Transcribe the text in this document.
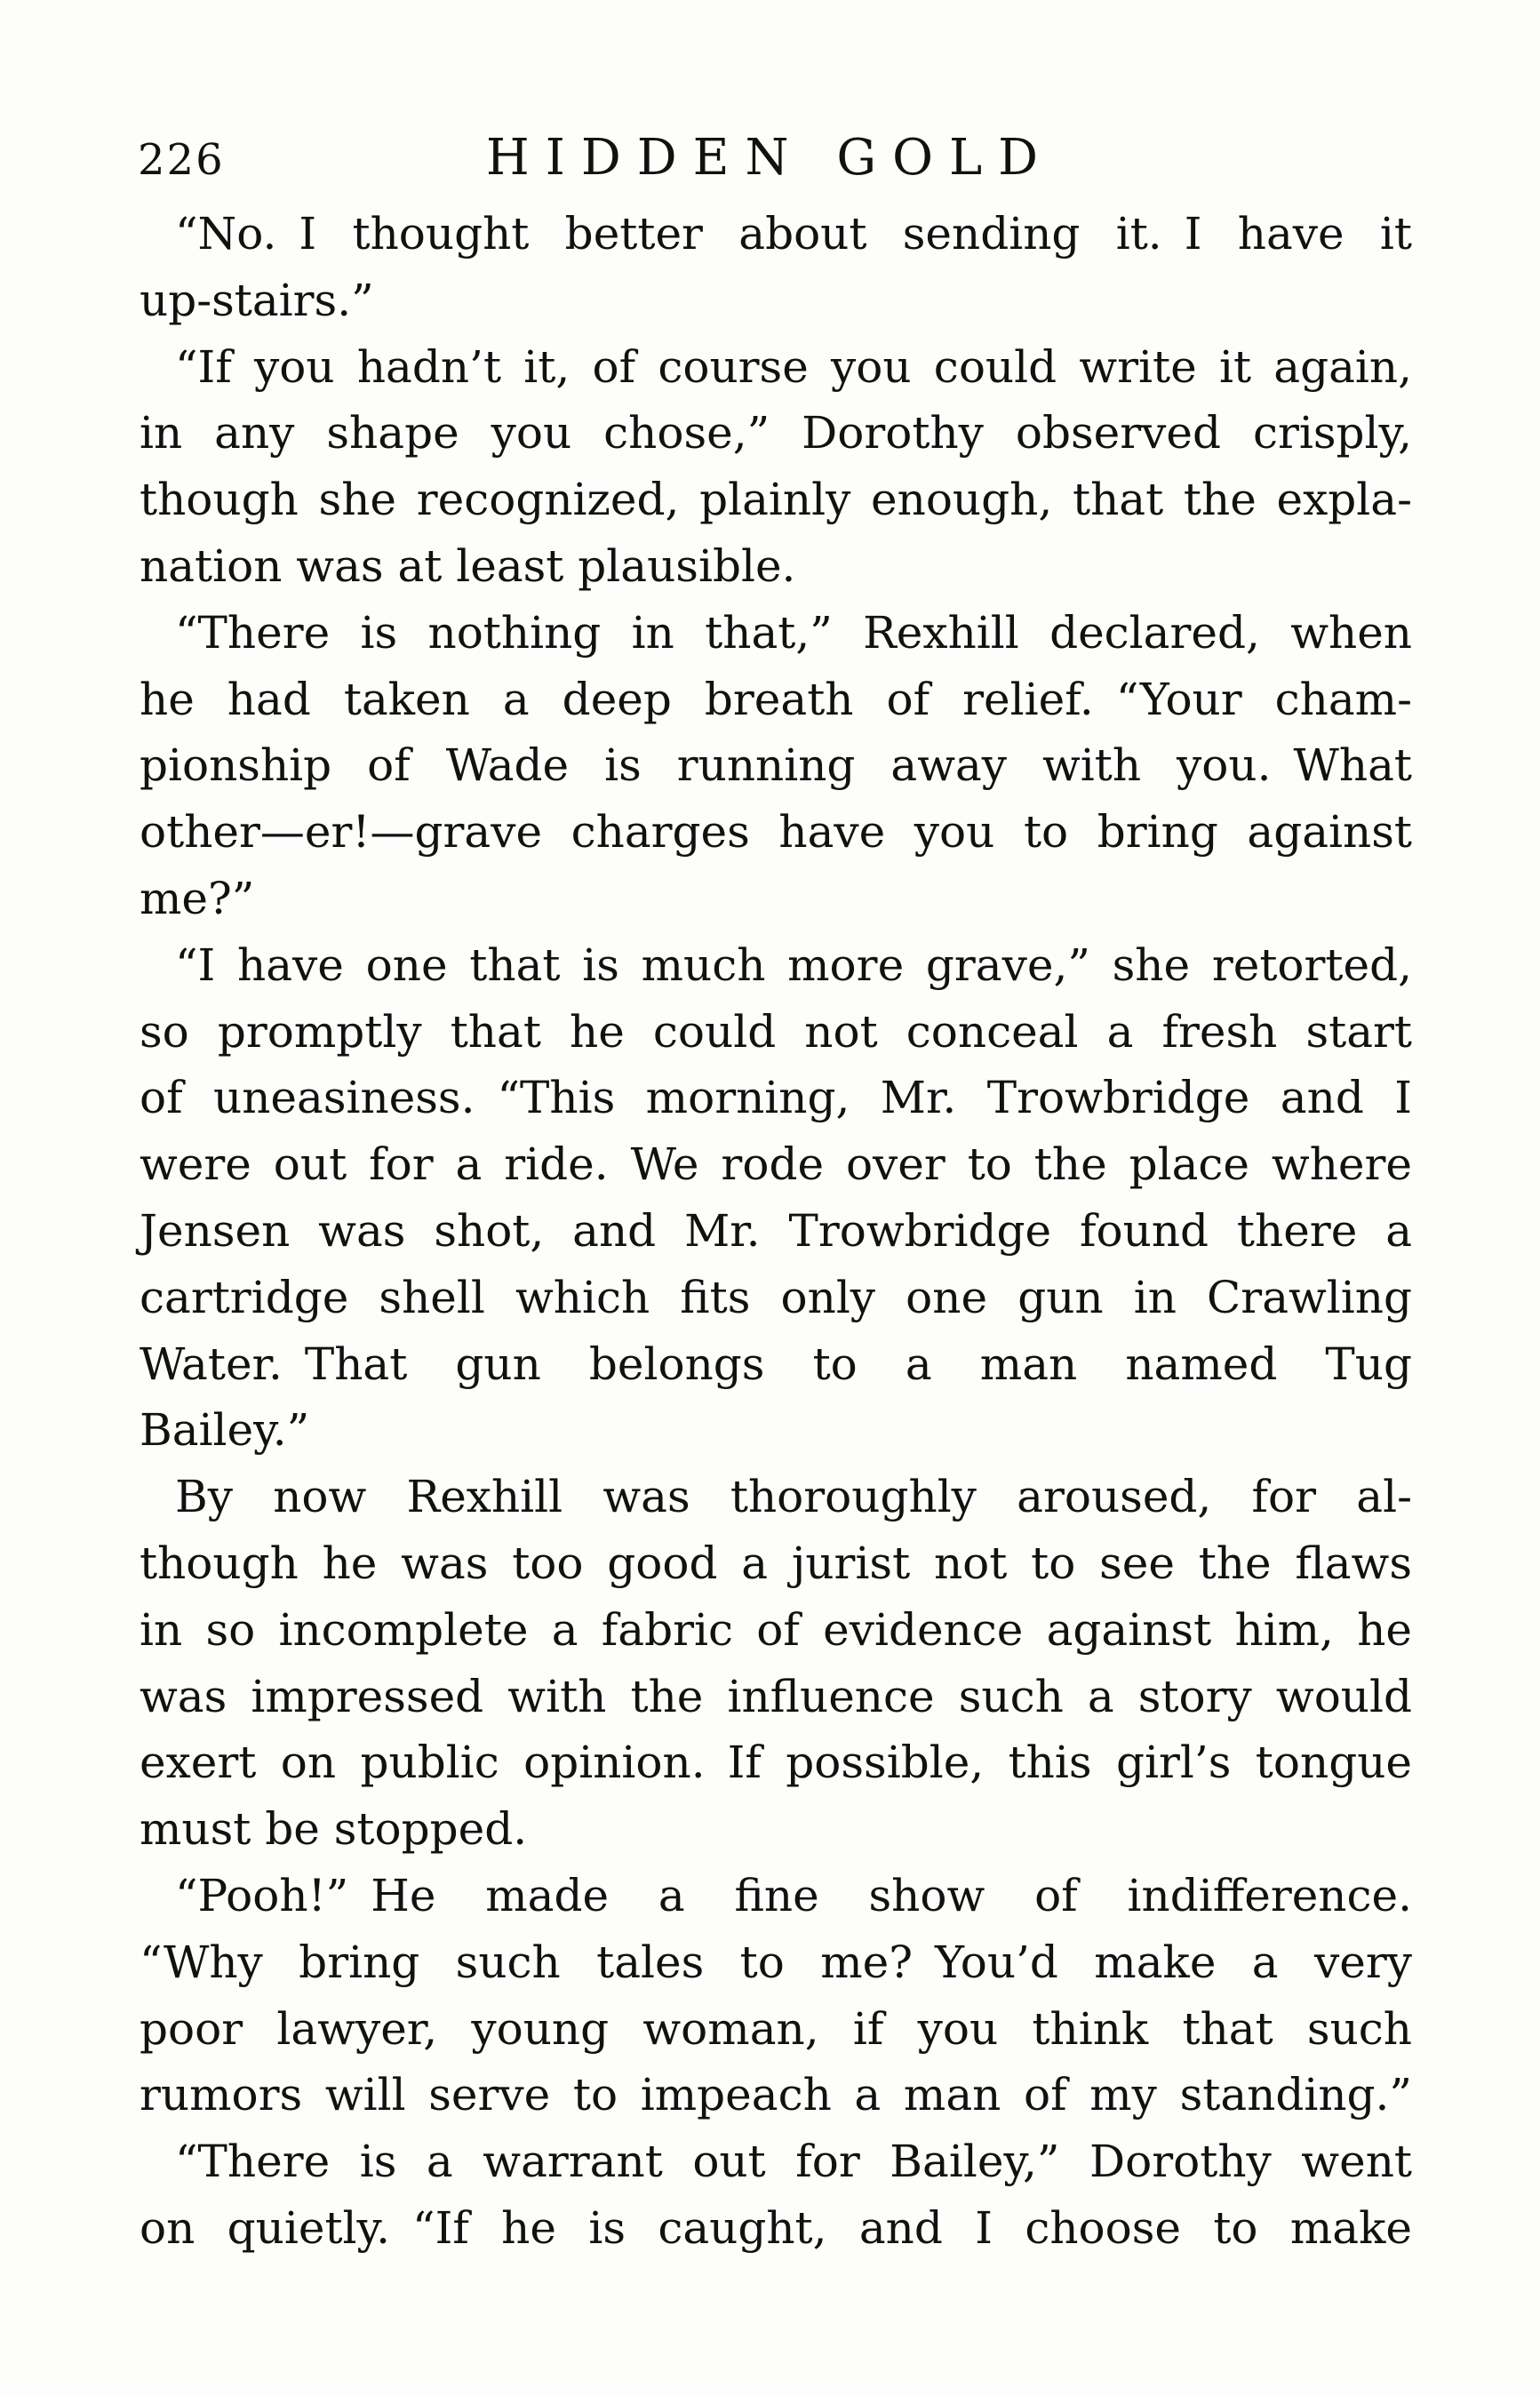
226	HIDDEN GOLD
“No. I thought better about sending it. I have it
up-stairs.”
“If you hadn’t it, of course you could write it again,
in any shape you chose,” Dorothy observed crisply,
though she recognized, plainly enough, that the expla-
nation was at least plausible.
“There is nothing in that,” Rexhill declared, when
he had taken a deep breath of relief. “Your cham-
pionship of Wade is running away with you. What
other—er!—grave charges have you to bring against
me?”
“I have one that is much more grave,” she retorted,
so promptly that he could not conceal a fresh start
of uneasiness. “This morning, Mr. Trowbridge and I
were out for a ride. We rode over to the place where
Jensen was shot, and Mr. Trowbridge found there a
cartridge shell which fits only one gun in Crawling
Water. That gun belongs to a man named Tug
Bailey.”
By now Rexhill was thoroughly aroused, for al-
though he was too good a jurist not to see the flaws
in so incomplete a fabric of evidence against him, he
was impressed with the influence such a story would
exert on public opinion. If possible, this girl’s tongue
must be stopped.
“Pooh!” He made a fine show of indifference.
“Why bring such tales to me? You’d make a very
poor lawyer, young woman, if you think that such
rumors will serve to impeach a man of my standing.”
“There is a warrant out for Bailey,” Dorothy went
on quietly. “If he is caught, and I choose to make
